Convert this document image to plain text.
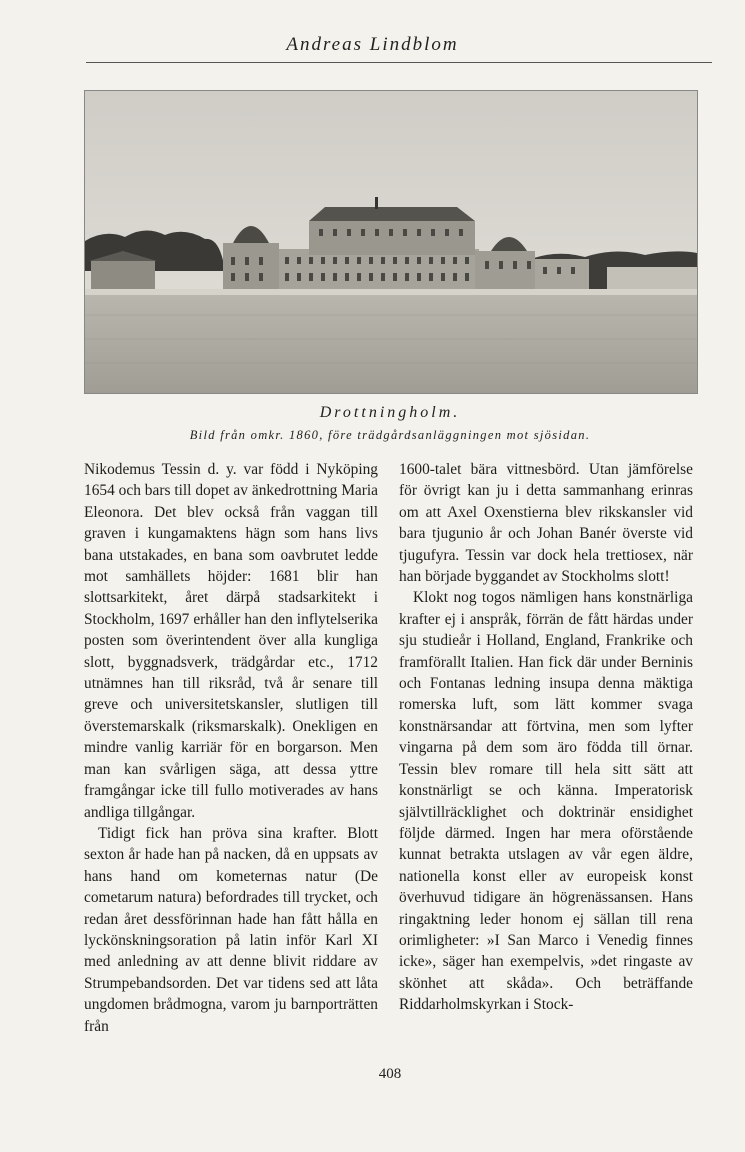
Andreas Lindblom
Drottningholm.
Bild från omkr. 1860, före trädgårdsanläggningen mot sjösidan.

Nikodemus Tessin d. y. var född i Nyköping 1654 och bars till dopet av änkedrottning Maria Eleonora. Det blev också från vaggan till graven i kungamaktens hägn som hans livs bana utstakades, en bana som oavbrutet ledde mot samhällets höjder: 1681 blir han slottsarkitekt, året därpå stadsarkitekt i Stockholm, 1697 erhåller han den inflytelserika posten som överintendent över alla kungliga slott, byggnadsverk, trädgårdar etc., 1712 utnämnes han till riksråd, två år senare till greve och universitetskansler, slutligen till överstemarskalk (riksmarskalk). Onekligen en mindre vanlig karriär för en borgarson. Men man kan svårligen säga, att dessa yttre framgångar icke till fullo motiverades av hans andliga tillgångar.

Tidigt fick han pröva sina krafter. Blott sexton år hade han på nacken, då en uppsats av hans hand om kometernas natur (De cometarum natura) befordrades till trycket, och redan året dessförinnan hade han fått hålla en lyckönskningsoration på latin inför Karl XI med anledning av att denne blivit riddare av Strumpebandsorden. Det var tidens sed att låta ungdomen brådmogna, varom ju barnporträtten från

1600-talet bära vittnesbörd. Utan jämförelse för övrigt kan ju i detta sammanhang erinras om att Axel Oxenstierna blev rikskansler vid bara tjugunio år och Johan Banér överste vid tjugufyra. Tessin var dock hela trettiosex, när han började byggandet av Stockholms slott!

Klokt nog togos nämligen hans konstnärliga krafter ej i anspråk, förrän de fått härdas under sju studieår i Holland, England, Frankrike och framförallt Italien. Han fick där under Berninis och Fontanas ledning insupa denna mäktiga romerska luft, som lätt kommer svaga konstnärsandar att förtvina, men som lyfter vingarna på dem som äro födda till örnar. Tessin blev romare till hela sitt sätt att konstnärligt se och känna. Imperatorisk självtillräcklighet och doktrinär ensidighet följde därmed. Ingen har mera oförstående kunnat betrakta utslagen av vår egen äldre, nationella konst eller av europeisk konst överhuvud tidigare än högrenässansen. Hans ringaktning leder honom ej sällan till rena orimligheter: »I San Marco i Venedig finnes icke», säger han exempelvis, »det ringaste av skönhet att skåda». Och beträffande Riddarholmskyrkan i Stock-

408
